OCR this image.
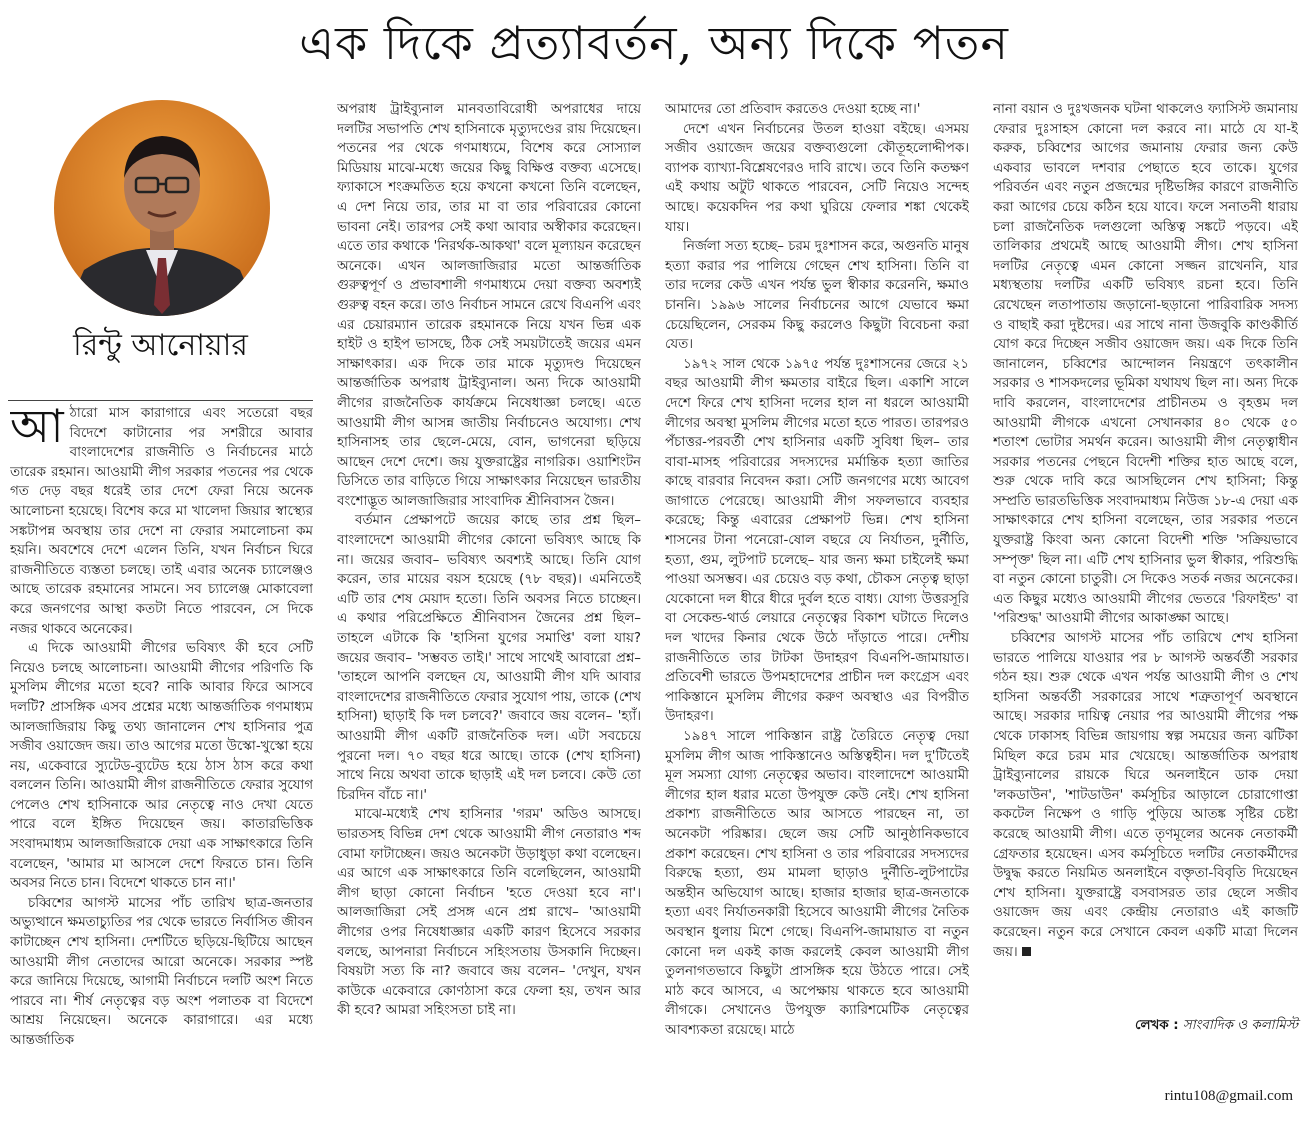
এক দিকে প্রত্যাবর্তন, অন্য দিকে পতন
রিন্টু আনোয়ার

আঠারো মাস কারাগারে এবং সতেরো বছর বিদেশে কাটানোর পর সশরীরে আবার বাংলাদেশের রাজনীতি ও নির্বাচনের মাঠে তারেক রহমান। আওয়ামী লীগ সরকার পতনের পর থেকে গত দেড় বছর ধরেই তার দেশে ফেরা নিয়ে অনেক আলোচনা হয়েছে। বিশেষ করে মা খালেদা জিয়ার স্বাস্থ্যের সঙ্কটাপন্ন অবস্থায় তার দেশে না ফেরার সমালোচনা কম হয়নি। অবশেষে দেশে এলেন তিনি, যখন নির্বাচন ঘিরে রাজনীতিতে ব্যস্ততা চলছে। তাই এবার অনেক চ্যালেঞ্জও আছে তারেক রহমানের সামনে। সব চ্যালেঞ্জ মোকাবেলা করে জনগণের আস্থা কতটা নিতে পারবেন, সে দিকে নজর থাকবে অনেকের।

এ দিকে আওয়ামী লীগের ভবিষ্যৎ কী হবে সেটি নিয়েও চলছে আলোচনা। আওয়ামী লীগের পরিণতি কি মুসলিম লীগের মতো হবে? নাকি আবার ফিরে আসবে দলটি? প্রাসঙ্গিক এসব প্রশ্নের মধ্যে আন্তর্জাতিক গণমাধ্যম আলজাজিরায় কিছু তথ্য জানালেন শেখ হাসিনার পুত্র সজীব ওয়াজেদ জয়। তাও আগের মতো উস্কো-খুস্কো হয়ে নয়, একেবারে স্যুটেড-ব্যুটেড হয়ে ঠাস ঠাস করে কথা বললেন তিনি। আওয়ামী লীগ রাজনীতিতে ফেরার সুযোগ পেলেও শেখ হাসিনাকে আর নেতৃত্বে নাও দেখা যেতে পারে বলে ইঙ্গিত দিয়েছেন জয়। কাতারভিত্তিক সংবাদমাধ্যম আলজাজিরাকে দেয়া এক সাক্ষাৎকারে তিনি বলেছেন, 'আমার মা আসলে দেশে ফিরতে চান। তিনি অবসর নিতে চান। বিদেশে থাকতে চান না।'

চব্বিশের আগস্ট মাসের পাঁচ তারিখ ছাত্র-জনতার অভ্যুত্থানে ক্ষমতাচ্যুতির পর থেকে ভারতে নির্বাসিত জীবন কাটাচ্ছেন শেখ হাসিনা। দেশটিতে ছড়িয়ে-ছিটিয়ে আছেন আওয়ামী লীগ নেতাদের আরো অনেকে। সরকার স্পষ্ট করে জানিয়ে দিয়েছে, আগামী নির্বাচনে দলটি অংশ নিতে পারবে না। শীর্ষ নেতৃত্বের বড় অংশ পলাতক বা বিদেশে আশ্রয় নিয়েছেন। অনেকে কারাগারে। এর মধ্যে আন্তর্জাতিক

অপরাধ ট্রাইব্যুনাল মানবতাবিরোধী অপরাধের দায়ে দলটির সভাপতি শেখ হাসিনাকে মৃত্যুদণ্ডের রায় দিয়েছেন। পতনের পর থেকে গণমাধ্যমে, বিশেষ করে সোস্যাল মিডিয়ায় মাঝে-মধ্যে জয়ের কিছু বিক্ষিপ্ত বক্তব্য এসেছে। ফ্যাকাসে শংক্রমতিত হয়ে কখনো কখনো তিনি বলেছেন, এ দেশ নিয়ে তার, তার মা বা তার পরিবারের কোনো ভাবনা নেই। তারপর সেই কথা আবার অস্বীকার করেছেন। এতে তার কথাকে 'নিরর্থক-আকথা' বলে মূল্যায়ন করেছেন অনেকে। এখন আলজাজিরার মতো আন্তর্জাতিক গুরুত্বপূর্ণ ও প্রভাবশালী গণমাধ্যমে দেয়া বক্তব্য অবশ্যই গুরুত্ব বহন করে। তাও নির্বাচন সামনে রেখে বিএনপি এবং এর চেয়ারম্যান তারেক রহমানকে নিয়ে যখন ভিন্ন এক হাইট ও হাইপ ভাসছে, ঠিক সেই সময়টাতেই জয়ের এমন সাক্ষাৎকার। এক দিকে তার মাকে মৃত্যুদণ্ড দিয়েছেন আন্তর্জাতিক অপরাধ ট্রাইব্যুনাল। অন্য দিকে আওয়ামী লীগের রাজনৈতিক কার্যক্রমে নিষেধাজ্ঞা চলছে। এতে আওয়ামী লীগ আসন্ন জাতীয় নির্বাচনেও অযোগ্য। শেখ হাসিনাসহ তার ছেলে-মেয়ে, বোন, ভাগনেরা ছড়িয়ে আছেন দেশে দেশে। জয় যুক্তরাষ্ট্রের নাগরিক। ওয়াশিংটন ডিসিতে তার বাড়িতে গিয়ে সাক্ষাৎকার নিয়েছেন ভারতীয় বংশোদ্ভূত আলজাজিরার সাংবাদিক শ্রীনিবাসন জৈন।

বর্তমান প্রেক্ষাপটে জয়ের কাছে তার প্রশ্ন ছিল– বাংলাদেশে আওয়ামী লীগের কোনো ভবিষ্যৎ আছে কি না। জয়ের জবাব– ভবিষ্যৎ অবশ্যই আছে। তিনি যোগ করেন, তার মায়ের বয়স হয়েছে (৭৮ বছর)। এমনিতেই এটি তার শেষ মেয়াদ হতো। তিনি অবসর নিতে চাচ্ছেন। এ কথার পরিপ্রেক্ষিতে শ্রীনিবাসন জৈনের প্রশ্ন ছিল– তাহলে এটাকে কি 'হাসিনা যুগের সমাপ্তি' বলা যায়? জয়ের জবাব– 'সম্ভবত তাই।' সাথে সাথেই আবারো প্রশ্ন– 'তাহলে আপনি বলছেন যে, আওয়ামী লীগ যদি আবার বাংলাদেশের রাজনীতিতে ফেরার সুযোগ পায়, তাকে (শেখ হাসিনা) ছাড়াই কি দল চলবে?' জবাবে জয় বলেন– 'হ্যাঁ। আওয়ামী লীগ একটি রাজনৈতিক দল। এটা সবচেয়ে পুরনো দল। ৭০ বছর ধরে আছে। তাকে (শেখ হাসিনা) সাথে নিয়ে অথবা তাকে ছাড়াই এই দল চলবে। কেউ তো চিরদিন বাঁচে না।'

মাঝে-মধ্যেই শেখ হাসিনার 'গরম' অডিও আসছে। ভারতসহ বিভিন্ন দেশ থেকে আওয়ামী লীগ নেতারাও শব্দ বোমা ফাটাচ্ছেন। জয়ও অনেকটা উড়াধুড়া কথা বলেছেন। এর আগে এক সাক্ষাৎকারে তিনি বলেছিলেন, আওয়ামী লীগ ছাড়া কোনো নির্বাচন 'হতে দেওয়া হবে না'। আলজাজিরা সেই প্রসঙ্গ এনে প্রশ্ন রাখে– 'আওয়ামী লীগের ওপর নিষেধাজ্ঞার একটি কারণ হিসেবে সরকার বলছে, আপনারা নির্বাচনে সহিংসতায় উসকানি দিচ্ছেন। বিষয়টা সত্য কি না? জবাবে জয় বলেন– 'দেখুন, যখন কাউকে একেবারে কোণঠাসা করে ফেলা হয়, তখন আর কী হবে? আমরা সহিংসতা চাই না।

আমাদের তো প্রতিবাদ করতেও দেওয়া হচ্ছে না।'

দেশে এখন নির্বাচনের উতল হাওয়া বইছে। এসময় সজীব ওয়াজেদ জয়ের বক্তব্যগুলো কৌতূহলোদ্দীপক। ব্যাপক ব্যাখ্যা-বিশ্লেষণেরও দাবি রাখে। তবে তিনি কতক্ষণ এই কথায় অটুট থাকতে পারবেন, সেটি নিয়েও সন্দেহ আছে। কয়েকদিন পর কথা ঘুরিয়ে ফেলার শঙ্কা থেকেই যায়।

নির্জলা সত্য হচ্ছে– চরম দুঃশাসন করে, অগুনতি মানুষ হত্যা করার পর পালিয়ে গেছেন শেখ হাসিনা। তিনি বা তার দলের কেউ এখন পর্যন্ত ভুল স্বীকার করেননি, ক্ষমাও চাননি। ১৯৯৬ সালের নির্বাচনের আগে যেভাবে ক্ষমা চেয়েছিলেন, সেরকম কিছু করলেও কিছুটা বিবেচনা করা যেত।

১৯৭২ সাল থেকে ১৯৭৫ পর্যন্ত দুঃশাসনের জেরে ২১ বছর আওয়ামী লীগ ক্ষমতার বাইরে ছিল। একাশি সালে দেশে ফিরে শেখ হাসিনা দলের হাল না ধরলে আওয়ামী লীগের অবস্থা মুসলিম লীগের মতো হতে পারত। তারপরও পঁচাত্তর-পরবর্তী শেখ হাসিনার একটি সুবিধা ছিল– তার বাবা-মাসহ পরিবারের সদস্যদের মর্মান্তিক হত্যা জাতির কাছে বারবার নিবেদন করা। সেটি জনগণের মধ্যে আবেগ জাগাতে পেরেছে। আওয়ামী লীগ সফলভাবে ব্যবহার করেছে; কিন্তু এবারের প্রেক্ষাপট ভিন্ন। শেখ হাসিনা শাসনের টানা পনেরো-ষোল বছরে যে নির্যাতন, দুর্নীতি, হত্যা, গুম, লুটপাট চলেছে– যার জন্য ক্ষমা চাইলেই ক্ষমা পাওয়া অসম্ভব। এর চেয়েও বড় কথা, চৌকস নেতৃত্ব ছাড়া যেকোনো দল ধীরে ধীরে দুর্বল হতে বাধ্য। যোগ্য উত্তরসূরি বা সেকেন্ড-থার্ড লেয়ারে নেতৃত্বের বিকাশ ঘটাতে দিলেও দল খাদের কিনার থেকে উঠে দাঁড়াতে পারে। দেশীয় রাজনীতিতে তার টাটকা উদাহরণ বিএনপি-জামায়াত। প্রতিবেশী ভারতে উপমহাদেশের প্রাচীন দল কংগ্রেস এবং পাকিস্তানে মুসলিম লীগের করুণ অবস্থাও এর বিপরীত উদাহরণ।

১৯৪৭ সালে পাকিস্তান রাষ্ট্র তৈরিতে নেতৃত্ব দেয়া মুসলিম লীগ আজ পাকিস্তানেও অস্তিত্বহীন। দল দু'টিতেই মূল সমস্যা যোগ্য নেতৃত্বের অভাব। বাংলাদেশে আওয়ামী লীগের হাল ধরার মতো উপযুক্ত কেউ নেই। শেখ হাসিনা প্রকাশ্য রাজনীতিতে আর আসতে পারছেন না, তা অনেকটা পরিষ্কার। ছেলে জয় সেটি আনুষ্ঠানিকভাবে প্রকাশ করেছেন। শেখ হাসিনা ও তার পরিবারের সদস্যদের বিরুদ্ধে হত্যা, গুম মামলা ছাড়াও দুর্নীতি-লুটপাটের অন্তহীন অভিযোগ আছে। হাজার হাজার ছাত্র-জনতাকে হত্যা এবং নির্যাতনকারী হিসেবে আওয়ামী লীগের নৈতিক অবস্থান ধুলায় মিশে গেছে। বিএনপি-জামায়াত বা নতুন কোনো দল একই কাজ করলেই কেবল আওয়ামী লীগ তুলনাগতভাবে কিছুটা প্রাসঙ্গিক হয়ে উঠতে পারে। সেই মাঠ কবে আসবে, এ অপেক্ষায় থাকতে হবে আওয়ামী লীগকে। সেখানেও উপযুক্ত ক্যারিশমেটিক নেতৃত্বের আবশ্যকতা রয়েছে। মাঠে

নানা বয়ান ও দুঃখজনক ঘটনা থাকলেও ফ্যাসিস্ট জমানায় ফেরার দুঃসাহস কোনো দল করবে না। মাঠে যে যা-ই করুক, চব্বিশের আগের জমানায় ফেরার জন্য কেউ একবার ভাবলে দশবার পেছাতে হবে তাকে। যুগের পরিবর্তন এবং নতুন প্রজন্মের দৃষ্টিভঙ্গির কারণে রাজনীতি করা আগের চেয়ে কঠিন হয়ে যাবে। ফলে সনাতনী ধারায় চলা রাজনৈতিক দলগুলো অস্তিত্ব সঙ্কটে পড়বে। এই তালিকার প্রথমেই আছে আওয়ামী লীগ। শেখ হাসিনা দলটির নেতৃত্বে এমন কোনো সজ্জন রাখেননি, যার মধ্যস্থতায় দলটির একটি ভবিষ্যৎ রচনা হবে। তিনি রেখেছেন লতাপাতায় জড়ানো-ছড়ানো পারিবারিক সদস্য ও বাছাই করা দুষ্টদের। এর সাথে নানা উজবুকি কাণ্ডকীর্তি যোগ করে দিচ্ছেন সজীব ওয়াজেদ জয়। এক দিকে তিনি জানালেন, চব্বিশের আন্দোলন নিয়ন্ত্রণে তৎকালীন সরকার ও শাসকদলের ভূমিকা যথাযথ ছিল না। অন্য দিকে দাবি করলেন, বাংলাদেশের প্রাচীনতম ও বৃহত্তম দল আওয়ামী লীগকে এখনো সেখানকার ৪০ থেকে ৫০ শতাংশ ভোটার সমর্থন করেন। আওয়ামী লীগ নেতৃত্বাধীন সরকার পতনের পেছনে বিদেশী শক্তির হাত আছে বলে, শুরু থেকে দাবি করে আসছিলেন শেখ হাসিনা; কিন্তু সম্প্রতি ভারতভিত্তিক সংবাদমাধ্যম নিউজ ১৮-এ দেয়া এক সাক্ষাৎকারে শেখ হাসিনা বলেছেন, তার সরকার পতনে যুক্তরাষ্ট্র কিংবা অন্য কোনো বিদেশী শক্তি 'সক্রিয়ভাবে সম্পৃক্ত' ছিল না। এটি শেখ হাসিনার ভুল স্বীকার, পরিশুদ্ধি বা নতুন কোনো চাতুরী। সে দিকেও সতর্ক নজর অনেকের। এত কিছুর মধ্যেও আওয়ামী লীগের ভেতরে 'রিফাইন্ড' বা 'পরিশুদ্ধ' আওয়ামী লীগের আকাঙ্ক্ষা আছে।

চব্বিশের আগস্ট মাসের পাঁচ তারিখে শেখ হাসিনা ভারতে পালিয়ে যাওয়ার পর ৮ আগস্ট অন্তর্বর্তী সরকার গঠন হয়। শুরু থেকে এখন পর্যন্ত আওয়ামী লীগ ও শেখ হাসিনা অন্তর্বর্তী সরকারের সাথে শত্রুতাপূর্ণ অবস্থানে আছে। সরকার দায়িত্ব নেয়ার পর আওয়ামী লীগের পক্ষ থেকে ঢাকাসহ বিভিন্ন জায়গায় স্বল্প সময়ের জন্য ঝটিকা মিছিল করে চরম মার খেয়েছে। আন্তর্জাতিক অপরাধ ট্রাইব্যুনালের রায়কে ঘিরে অনলাইনে ডাক দেয়া 'লকডাউন', 'শাটডাউন' কর্মসূচির আড়ালে চোরাগোপ্তা ককটেল নিক্ষেপ ও গাড়ি পুড়িয়ে আতঙ্ক সৃষ্টির চেষ্টা করেছে আওয়ামী লীগ। এতে তৃণমূলের অনেক নেতাকর্মী গ্রেফতার হয়েছেন। এসব কর্মসূচিতে দলটির নেতাকর্মীদের উদ্বুদ্ধ করতে নিয়মিত অনলাইনে বক্তৃতা-বিবৃতি দিয়েছেন শেখ হাসিনা। যুক্তরাষ্ট্রে বসবাসরত তার ছেলে সজীব ওয়াজেদ জয় এবং কেন্দ্রীয় নেতারাও এই কাজটি করেছেন। নতুন করে সেখানে কেবল একটি মাত্রা দিলেন জয়।

লেখক : সাংবাদিক ও কলামিস্ট
rintu108@gmail.com
